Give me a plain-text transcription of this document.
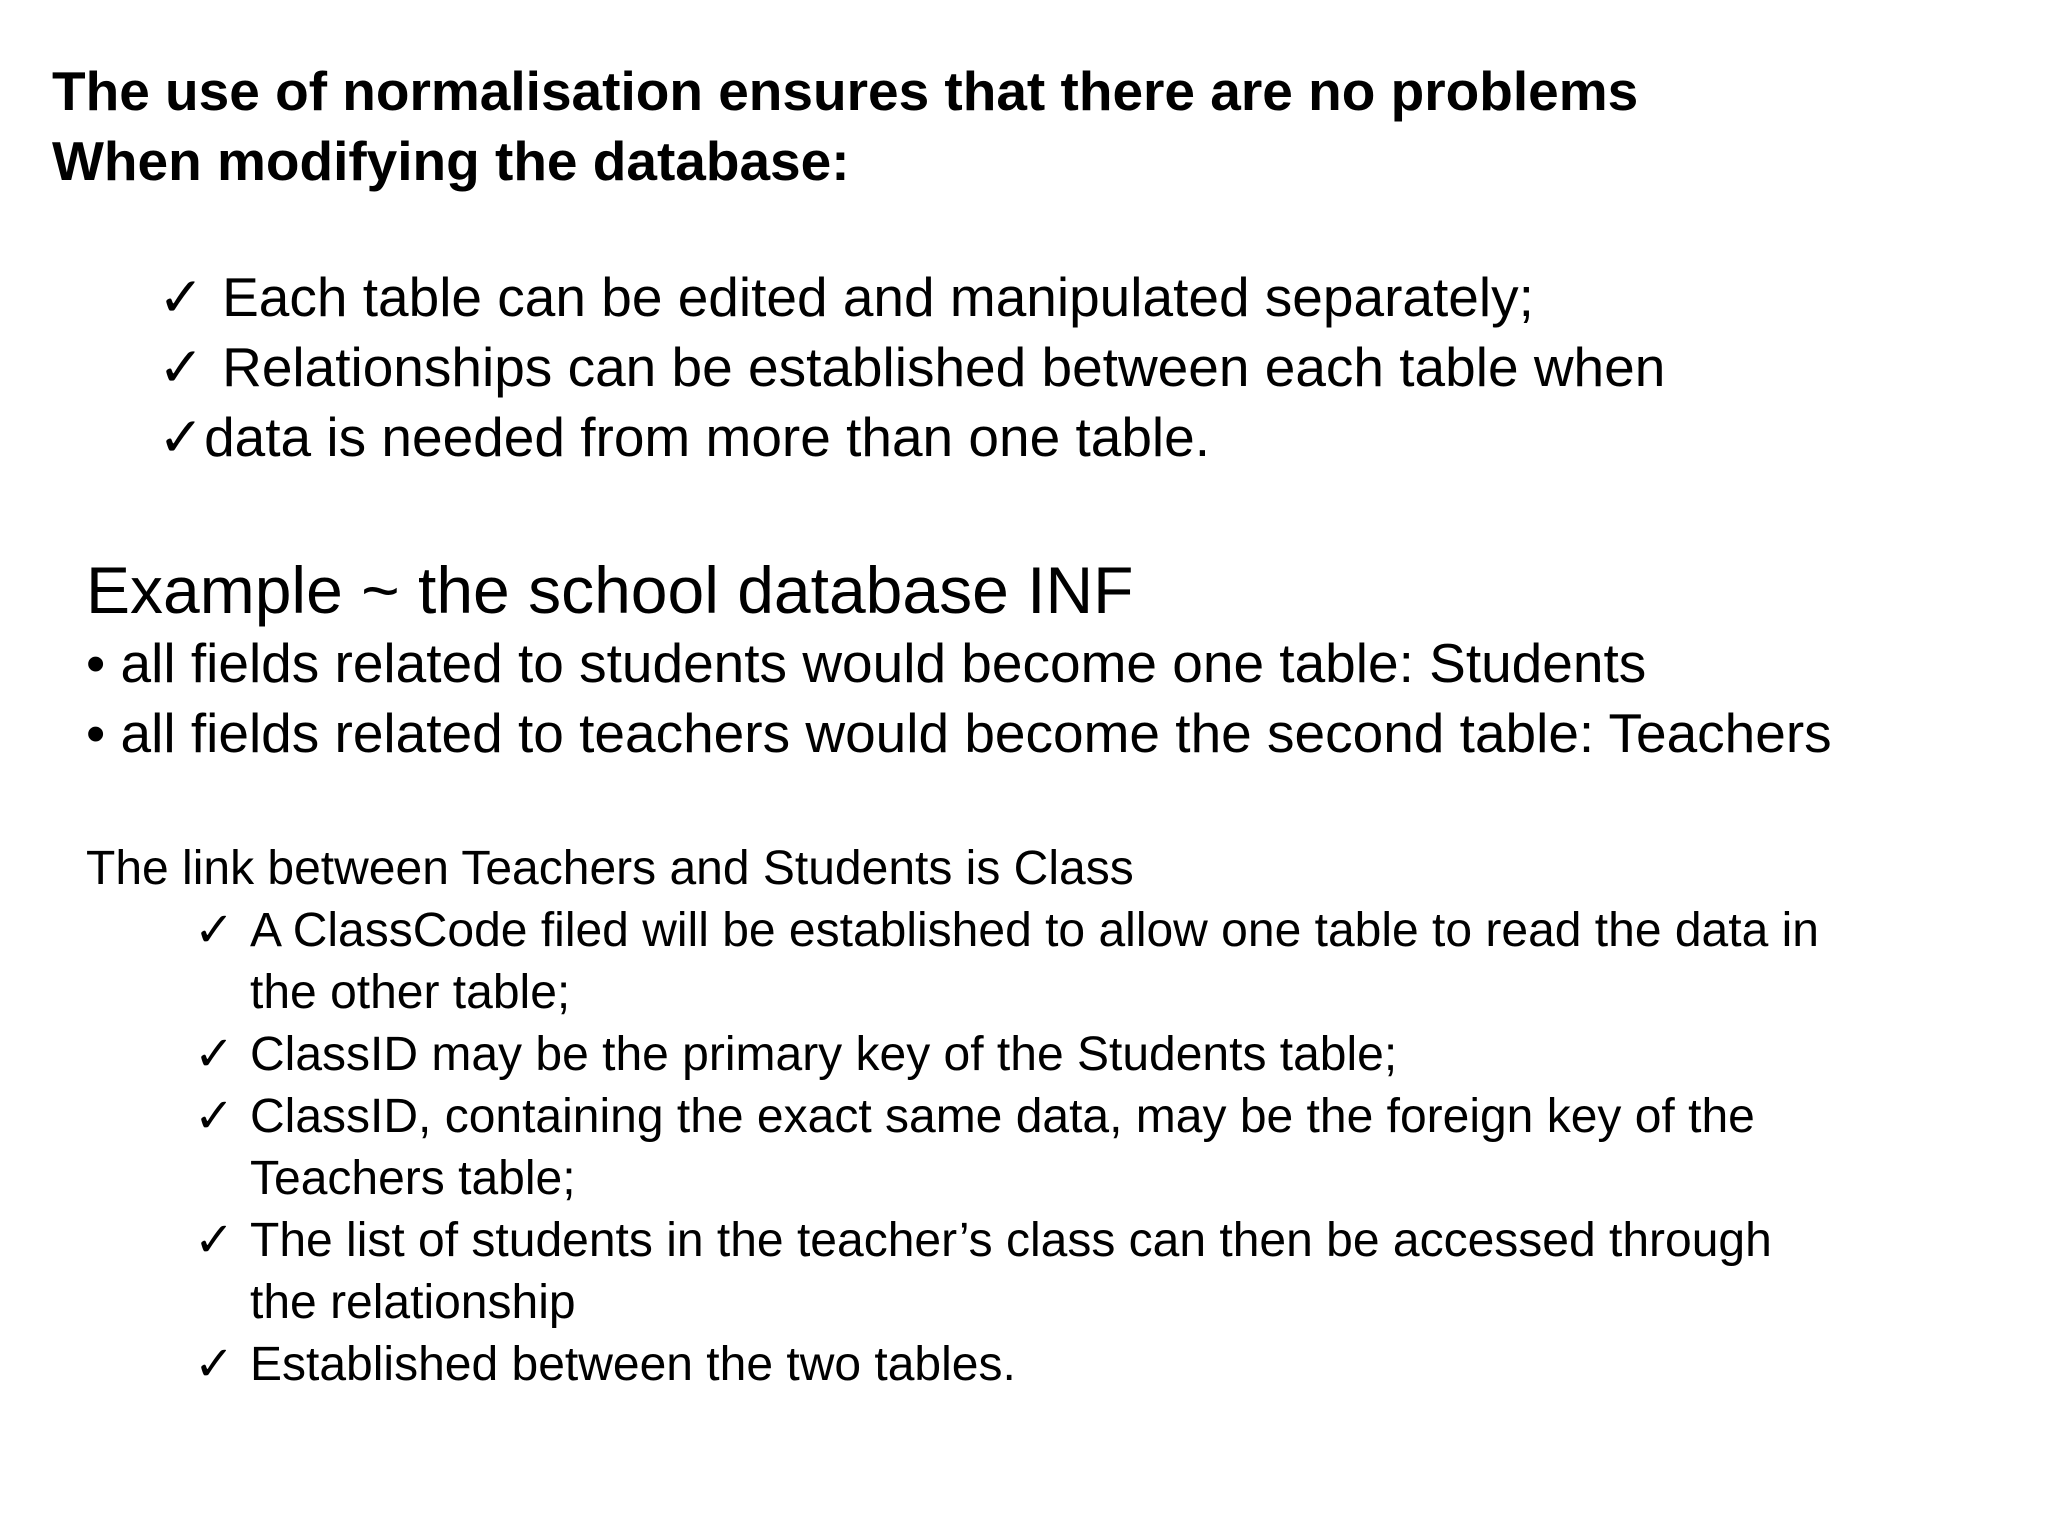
The use of normalisation ensures that there are no problems
When modifying the database:
✓ Each table can be edited and manipulated separately;
✓ Relationships can be established between each table when
✓data is needed from more than one table.
Example ~ the school database INF
• all fields related to students would become one table: Students
• all fields related to teachers would become the second table: Teachers
The link between Teachers and Students is Class
✓ A ClassCode filed will be established to allow one table to read the data in
the other table;
✓ ClassID may be the primary key of the Students table;
✓ ClassID, containing the exact same data, may be the foreign key of the
Teachers table;
✓ The list of students in the teacher’s class can then be accessed through
the relationship
✓ Established between the two tables.
